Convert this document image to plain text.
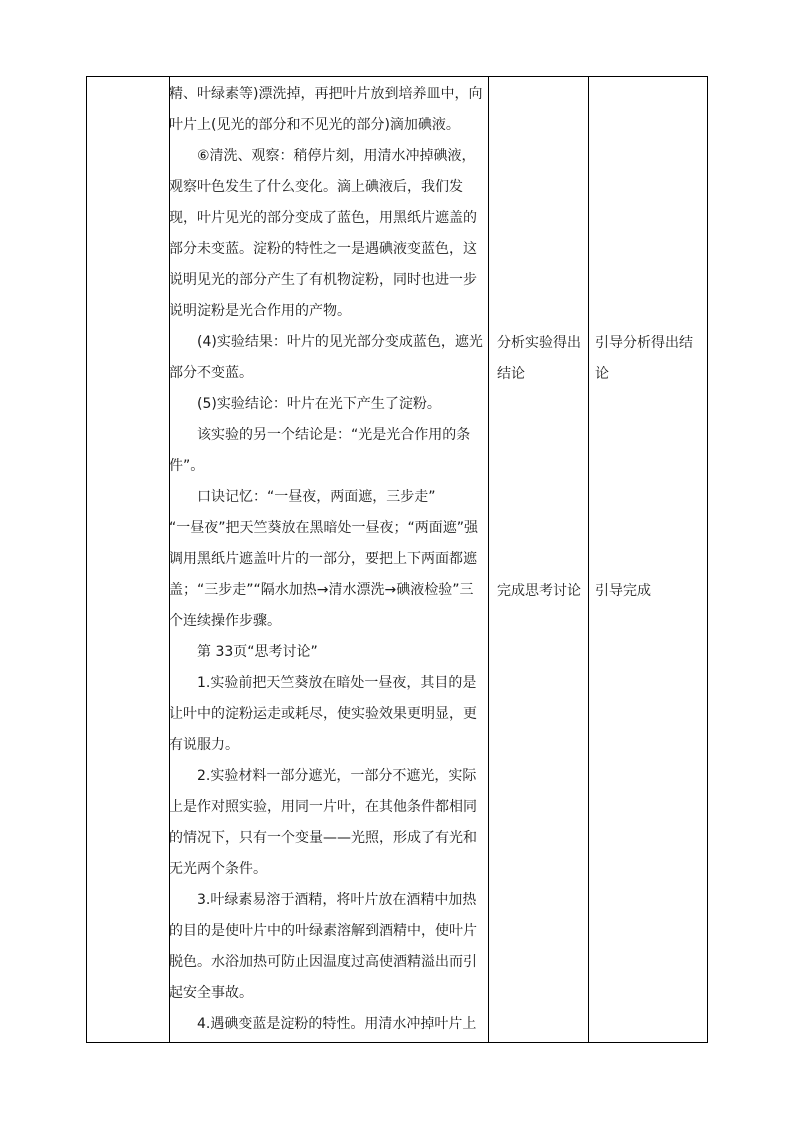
精、叶绿素等)漂洗掉，再把叶片放到培养皿中，向叶片上(见光的部分和不见光的部分)滴加碘液。

⑥清洗、观察：稍停片刻，用清水冲掉碘液，观察叶色发生了什么变化。滴上碘液后，我们发现，叶片见光的部分变成了蓝色，用黑纸片遮盖的部分未变蓝。淀粉的特性之一是遇碘液变蓝色，这说明见光的部分产生了有机物淀粉，同时也进一步说明淀粉是光合作用的产物。

(4)实验结果：叶片的见光部分变成蓝色，遮光部分不变蓝。

(5)实验结论：叶片在光下产生了淀粉。

该实验的另一个结论是：“光是光合作用的条件”。

口诀记忆：“一昼夜，两面遮，三步走”

“一昼夜”把天竺葵放在黑暗处一昼夜；“两面遮”强调用黑纸片遮盖叶片的一部分，要把上下两面都遮盖；“三步走”“隔水加热→清水漂洗→碘液检验”三个连续操作步骤。

第 33页“思考讨论”

1.实验前把天竺葵放在暗处一昼夜，其目的是让叶中的淀粉运走或耗尽，使实验效果更明显，更有说服力。

2.实验材料一部分遮光，一部分不遮光，实际上是作对照实验，用同一片叶，在其他条件都相同的情况下，只有一个变量——光照，形成了有光和无光两个条件。

3.叶绿素易溶于酒精，将叶片放在酒精中加热的目的是使叶片中的叶绿素溶解到酒精中，使叶片脱色。水浴加热可防止因温度过高使酒精溢出而引起安全事故。

4.遇碘变蓝是淀粉的特性。用清水冲掉叶片上

分析实验得出结论

完成思考讨论

引导分析得出结论

引导完成
